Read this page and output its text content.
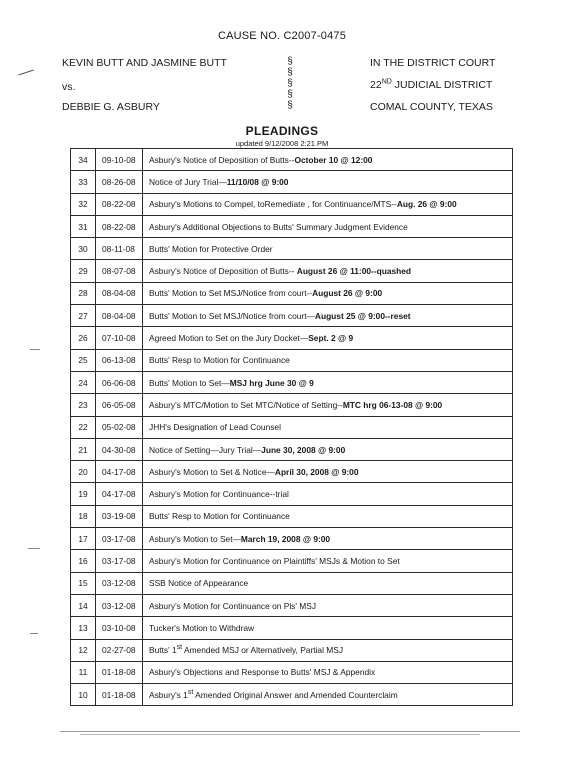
CAUSE NO. C2007-0475
KEVIN BUTT AND JASMINE BUTT
vs.
DEBBIE G. ASBURY
§
§
§
§
§
IN THE DISTRICT COURT
22ND JUDICIAL DISTRICT
COMAL COUNTY, TEXAS
PLEADINGS
updated 9/12/2008 2:21 PM
34	09-10-08	Asbury's Notice of Deposition of Butts--October 10 @ 12:00
33	08-26-08	Notice of Jury Trial—11/10/08 @ 9:00
32	08-22-08	Asbury's Motions to Compel, toRemediate , for Continuance/MTS--Aug. 26 @ 9:00
31	08-22-08	Asbury's Additional Objections to Butts' Summary Judgment Evidence
30	08-11-08	Butts' Motion for Protective Order
29	08-07-08	Asbury's Notice of Deposition of Butts-- August 26 @ 11:00--quashed
28	08-04-08	Butts' Motion to Set MSJ/Notice from court--August 26 @ 9:00
27	08-04-08	Butts' Motion to Set MSJ/Notice from court—August 25 @ 9:00--reset
26	07-10-08	Agreed Motion to Set on the Jury Docket—Sept. 2 @ 9
25	06-13-08	Butts' Resp to Motion for Continuance
24	06-06-08	Butts' Motion to Set—MSJ hrg June 30 @ 9
23	06-05-08	Asbury's MTC/Motion to Set MTC/Notice of Setting--MTC hrg 06-13-08 @ 9:00
22	05-02-08	JHH's Designation of Lead Counsel
21	04-30-08	Notice of Setting—Jury Trial—June 30, 2008 @ 9:00
20	04-17-08	Asbury's Motion to Set & Notice—April 30, 2008 @ 9:00
19	04-17-08	Asbury's Motion for Continuance--trial
18	03-19-08	Butts' Resp to Motion for Continuance
17	03-17-08	Asbury's Motion to Set—March 19, 2008 @ 9:00
16	03-17-08	Asbury's Motion for Continuance on Plaintiffs' MSJs & Motion to Set
15	03-12-08	SSB Notice of Appearance
14	03-12-08	Asbury's Motion for Continuance on Pls' MSJ
13	03-10-08	Tucker's Motion to Withdraw
12	02-27-08	Butts' 1st Amended MSJ or Alternatively, Partial MSJ
11	01-18-08	Asbury's Objections and Response to Butts' MSJ & Appendix
10	01-18-08	Asbury's 1st Amended Original Answer and Amended Counterclaim
